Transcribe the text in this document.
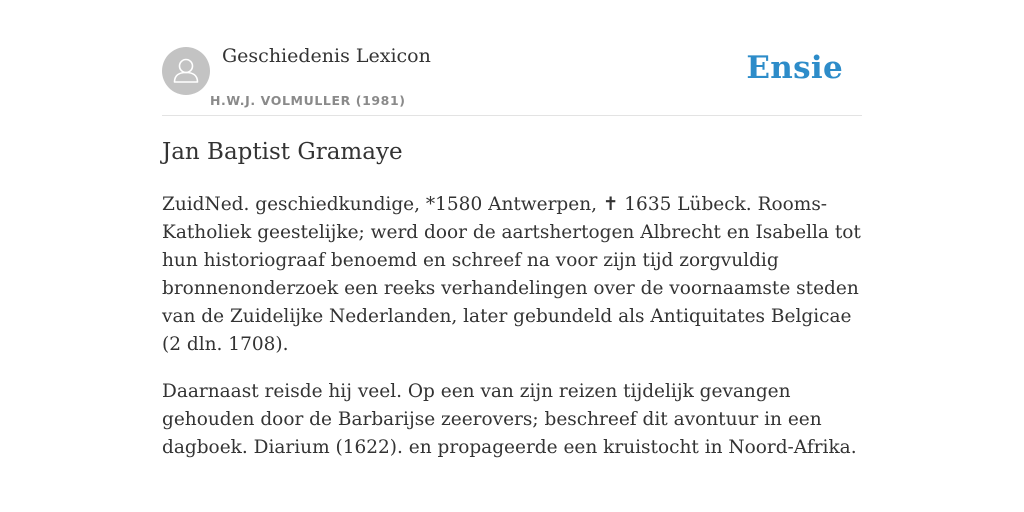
Geschiedenis Lexicon
H.W.J. VOLMULLER (1981)
Ensie
Jan Baptist Gramaye

ZuidNed. geschiedkundige, *1580 Antwerpen, ✝ 1635 Lübeck. Rooms-Katholiek geestelijke; werd door de aartshertogen Albrecht en Isabella tot hun historiograaf benoemd en schreef na voor zijn tijd zorgvuldig bronnenonderzoek een reeks verhandelingen over de voornaamste steden van de Zuidelijke Nederlanden, later gebundeld als Antiquitates Belgicae (2 dln. 1708).

Daarnaast reisde hij veel. Op een van zijn reizen tijdelijk gevangen gehouden door de Barbarijse zeerovers; beschreef dit avontuur in een dagboek. Diarium (1622). en propageerde een kruistocht in Noord-Afrika.
